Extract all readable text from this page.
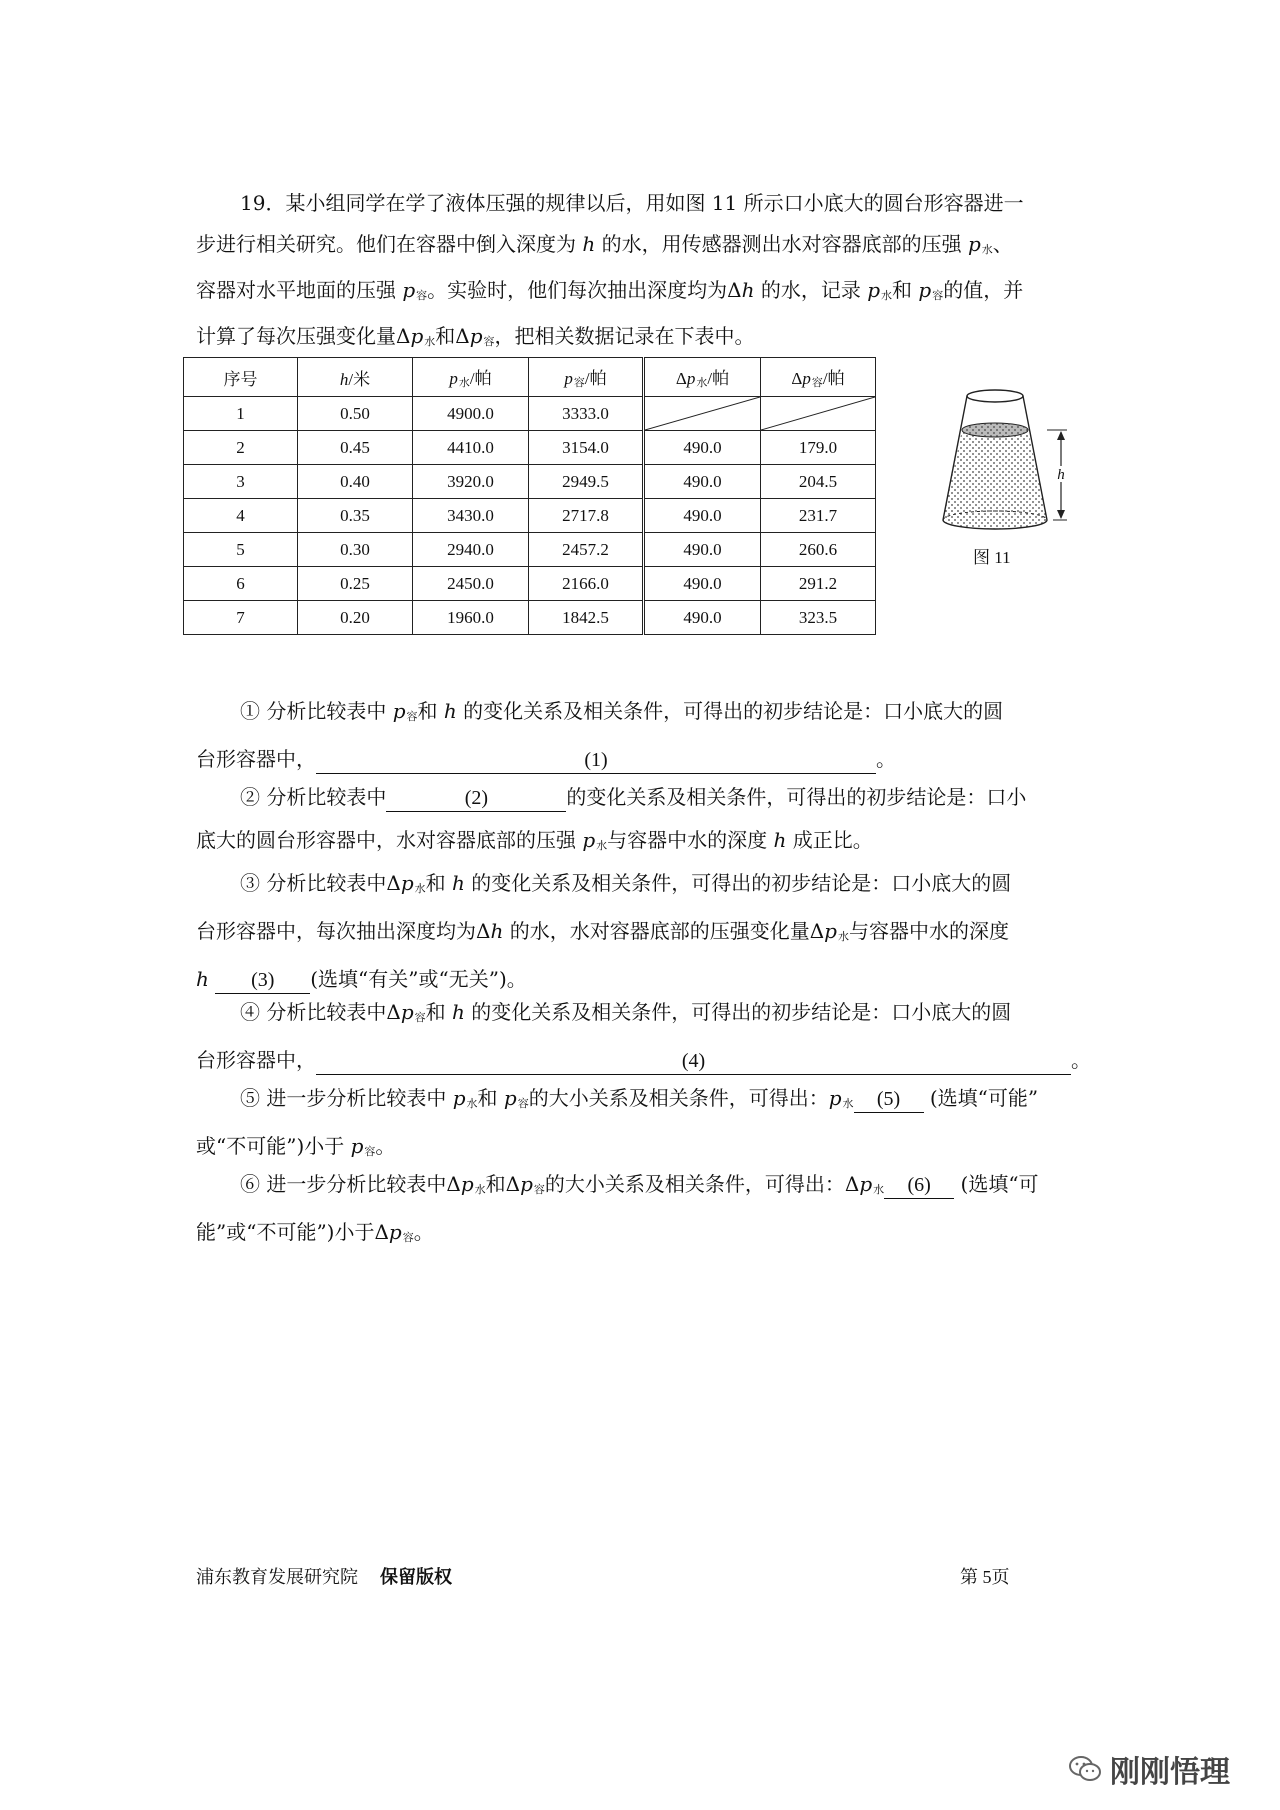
19．某小组同学在学了液体压强的规律以后，用如图 11 所示口小底大的圆台形容器进一
步进行相关研究。他们在容器中倒入深度为 h 的水，用传感器测出水对容器底部的压强 $p_水$、
容器对水平地面的压强 $p_容$。实验时，他们每次抽出深度均为Δh 的水，记录 $p_水$和 $p_容$的值，并
计算了每次压强变化量$\Delta p_水$和$\Delta p_容$，把相关数据记录在下表中。
序号	h/米	$p_水/$帕	$p_容/$帕	$\Delta p_水/$帕	$\Delta p_容/$帕
1	0.50	4900.0	3333.0	

2	0.45	4410.0	3154.0	490.0	179.0
3	0.40	3920.0	2949.5	490.0	204.5
4	0.35	3430.0	2717.8	490.0	231.7
5	0.30	2940.0	2457.2	490.0	260.6
6	0.25	2450.0	2166.0	490.0	291.2
7	0.20	1960.0	1842.5	490.0	323.5
h
图 11
① 分析比较表中 $p_容$和 h 的变化关系及相关条件，可得出的初步结论是：口小底大的圆
台形容器中，	(1)	。
② 分析比较表中	(2)	的变化关系及相关条件，可得出的初步结论是：口小
底大的圆台形容器中，水对容器底部的压强 $p_水$与容器中水的深度 h 成正比。
③ 分析比较表中$\Delta p_水$和 h 的变化关系及相关条件，可得出的初步结论是：口小底大的圆
台形容器中，每次抽出深度均为Δh 的水，水对容器底部的压强变化量$\Delta p_水$与容器中水的深度
h (3) (选填“有关”或“无关”)。
④ 分析比较表中$\Delta p_容$和 h 的变化关系及相关条件，可得出的初步结论是：口小底大的圆
台形容器中，	(4)	。
⑤ 进一步分析比较表中 $p_水$和 $p_容$的大小关系及相关条件，可得出：$p_水$ (5) (选填“可能”
或“不可能”)小于 $p_容$。
⑥ 进一步分析比较表中$\Delta p_水$和$\Delta p_容$的大小关系及相关条件，可得出：$\Delta p_水$ (6) (选填“可
能”或“不可能”)小于$\Delta p_容$。
浦东教育发展研究院 保留版权	第 5页
刚刚悟理
